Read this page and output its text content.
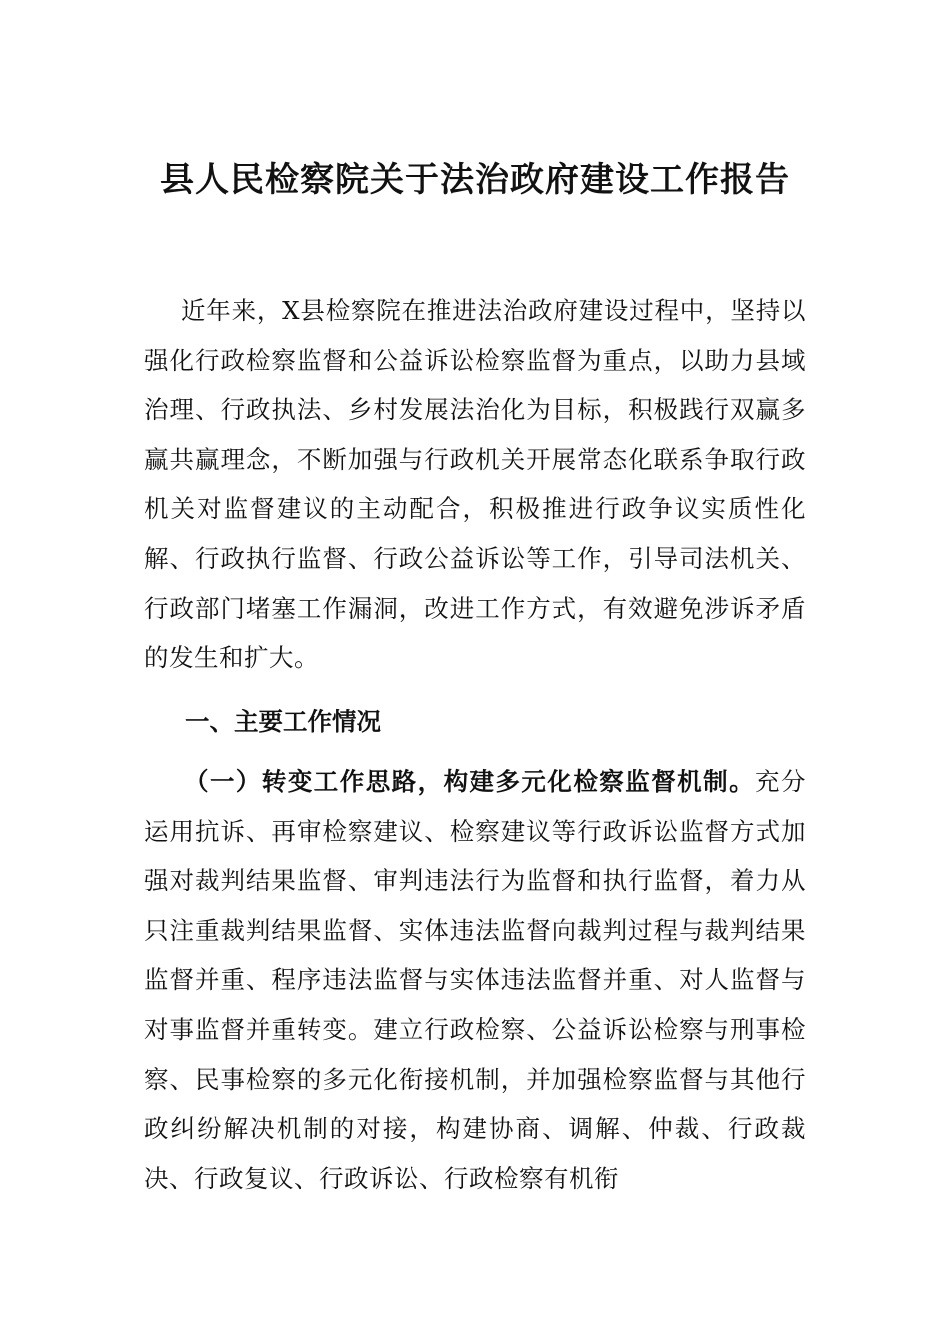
县人民检察院关于法治政府建设工作报告

近年来，X县检察院在推进法治政府建设过程中，坚持以强化行政检察监督和公益诉讼检察监督为重点，以助力县域治理、行政执法、乡村发展法治化为目标，积极践行双赢多赢共赢理念，不断加强与行政机关开展常态化联系争取行政机关对监督建议的主动配合，积极推进行政争议实质性化解、行政执行监督、行政公益诉讼等工作，引导司法机关、行政部门堵塞工作漏洞，改进工作方式，有效避免涉诉矛盾的发生和扩大。

一、主要工作情况

（一）转变工作思路，构建多元化检察监督机制。充分运用抗诉、再审检察建议、检察建议等行政诉讼监督方式加强对裁判结果监督、审判违法行为监督和执行监督，着力从只注重裁判结果监督、实体违法监督向裁判过程与裁判结果监督并重、程序违法监督与实体违法监督并重、对人监督与对事监督并重转变。建立行政检察、公益诉讼检察与刑事检察、民事检察的多元化衔接机制，并加强检察监督与其他行政纠纷解决机制的对接，构建协商、调解、仲裁、行政裁决、行政复议、行政诉讼、行政检察有机衔
